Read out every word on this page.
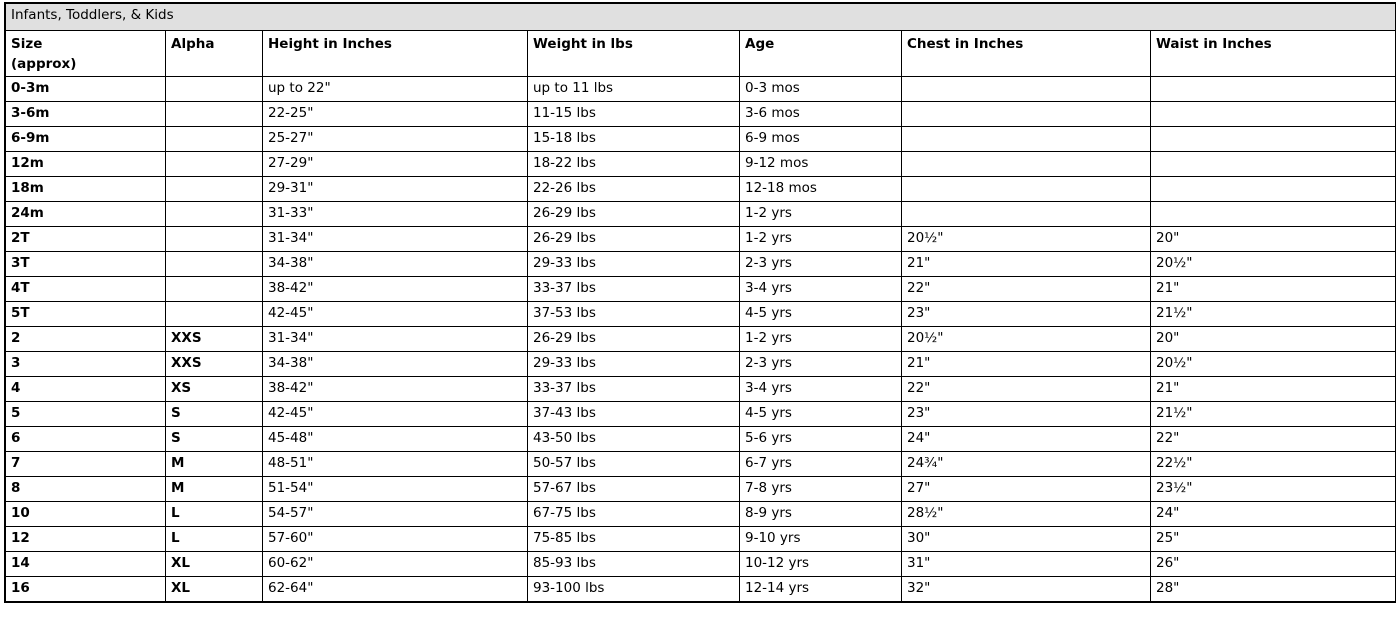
Infants, Toddlers, & Kids						
Size
(approx)	Alpha	Height in Inches	Weight in lbs	Age	Chest in Inches	Waist in Inches
0-3m		up to 22"	up to 11 lbs	0-3 mos		
3-6m		22-25"	11-15 lbs	3-6 mos		
6-9m		25-27"	15-18 lbs	6-9 mos		
12m		27-29"	18-22 lbs	9-12 mos		
18m		29-31"	22-26 lbs	12-18 mos		
24m		31-33"	26-29 lbs	1-2 yrs		
2T		31-34"	26-29 lbs	1-2 yrs	20½"	20"
3T		34-38"	29-33 lbs	2-3 yrs	21"	20½"
4T		38-42"	33-37 lbs	3-4 yrs	22"	21"
5T		42-45"	37-53 lbs	4-5 yrs	23"	21½"
2	XXS	31-34"	26-29 lbs	1-2 yrs	20½"	20"
3	XXS	34-38"	29-33 lbs	2-3 yrs	21"	20½"
4	XS	38-42"	33-37 lbs	3-4 yrs	22"	21"
5	S	42-45"	37-43 lbs	4-5 yrs	23"	21½"
6	S	45-48"	43-50 lbs	5-6 yrs	24"	22"
7	M	48-51"	50-57 lbs	6-7 yrs	24¾"	22½"
8	M	51-54"	57-67 lbs	7-8 yrs	27"	23½"
10	L	54-57"	67-75 lbs	8-9 yrs	28½"	24"
12	L	57-60"	75-85 lbs	9-10 yrs	30"	25"
14	XL	60-62"	85-93 lbs	10-12 yrs	31"	26"
16	XL	62-64"	93-100 lbs	12-14 yrs	32"	28"
